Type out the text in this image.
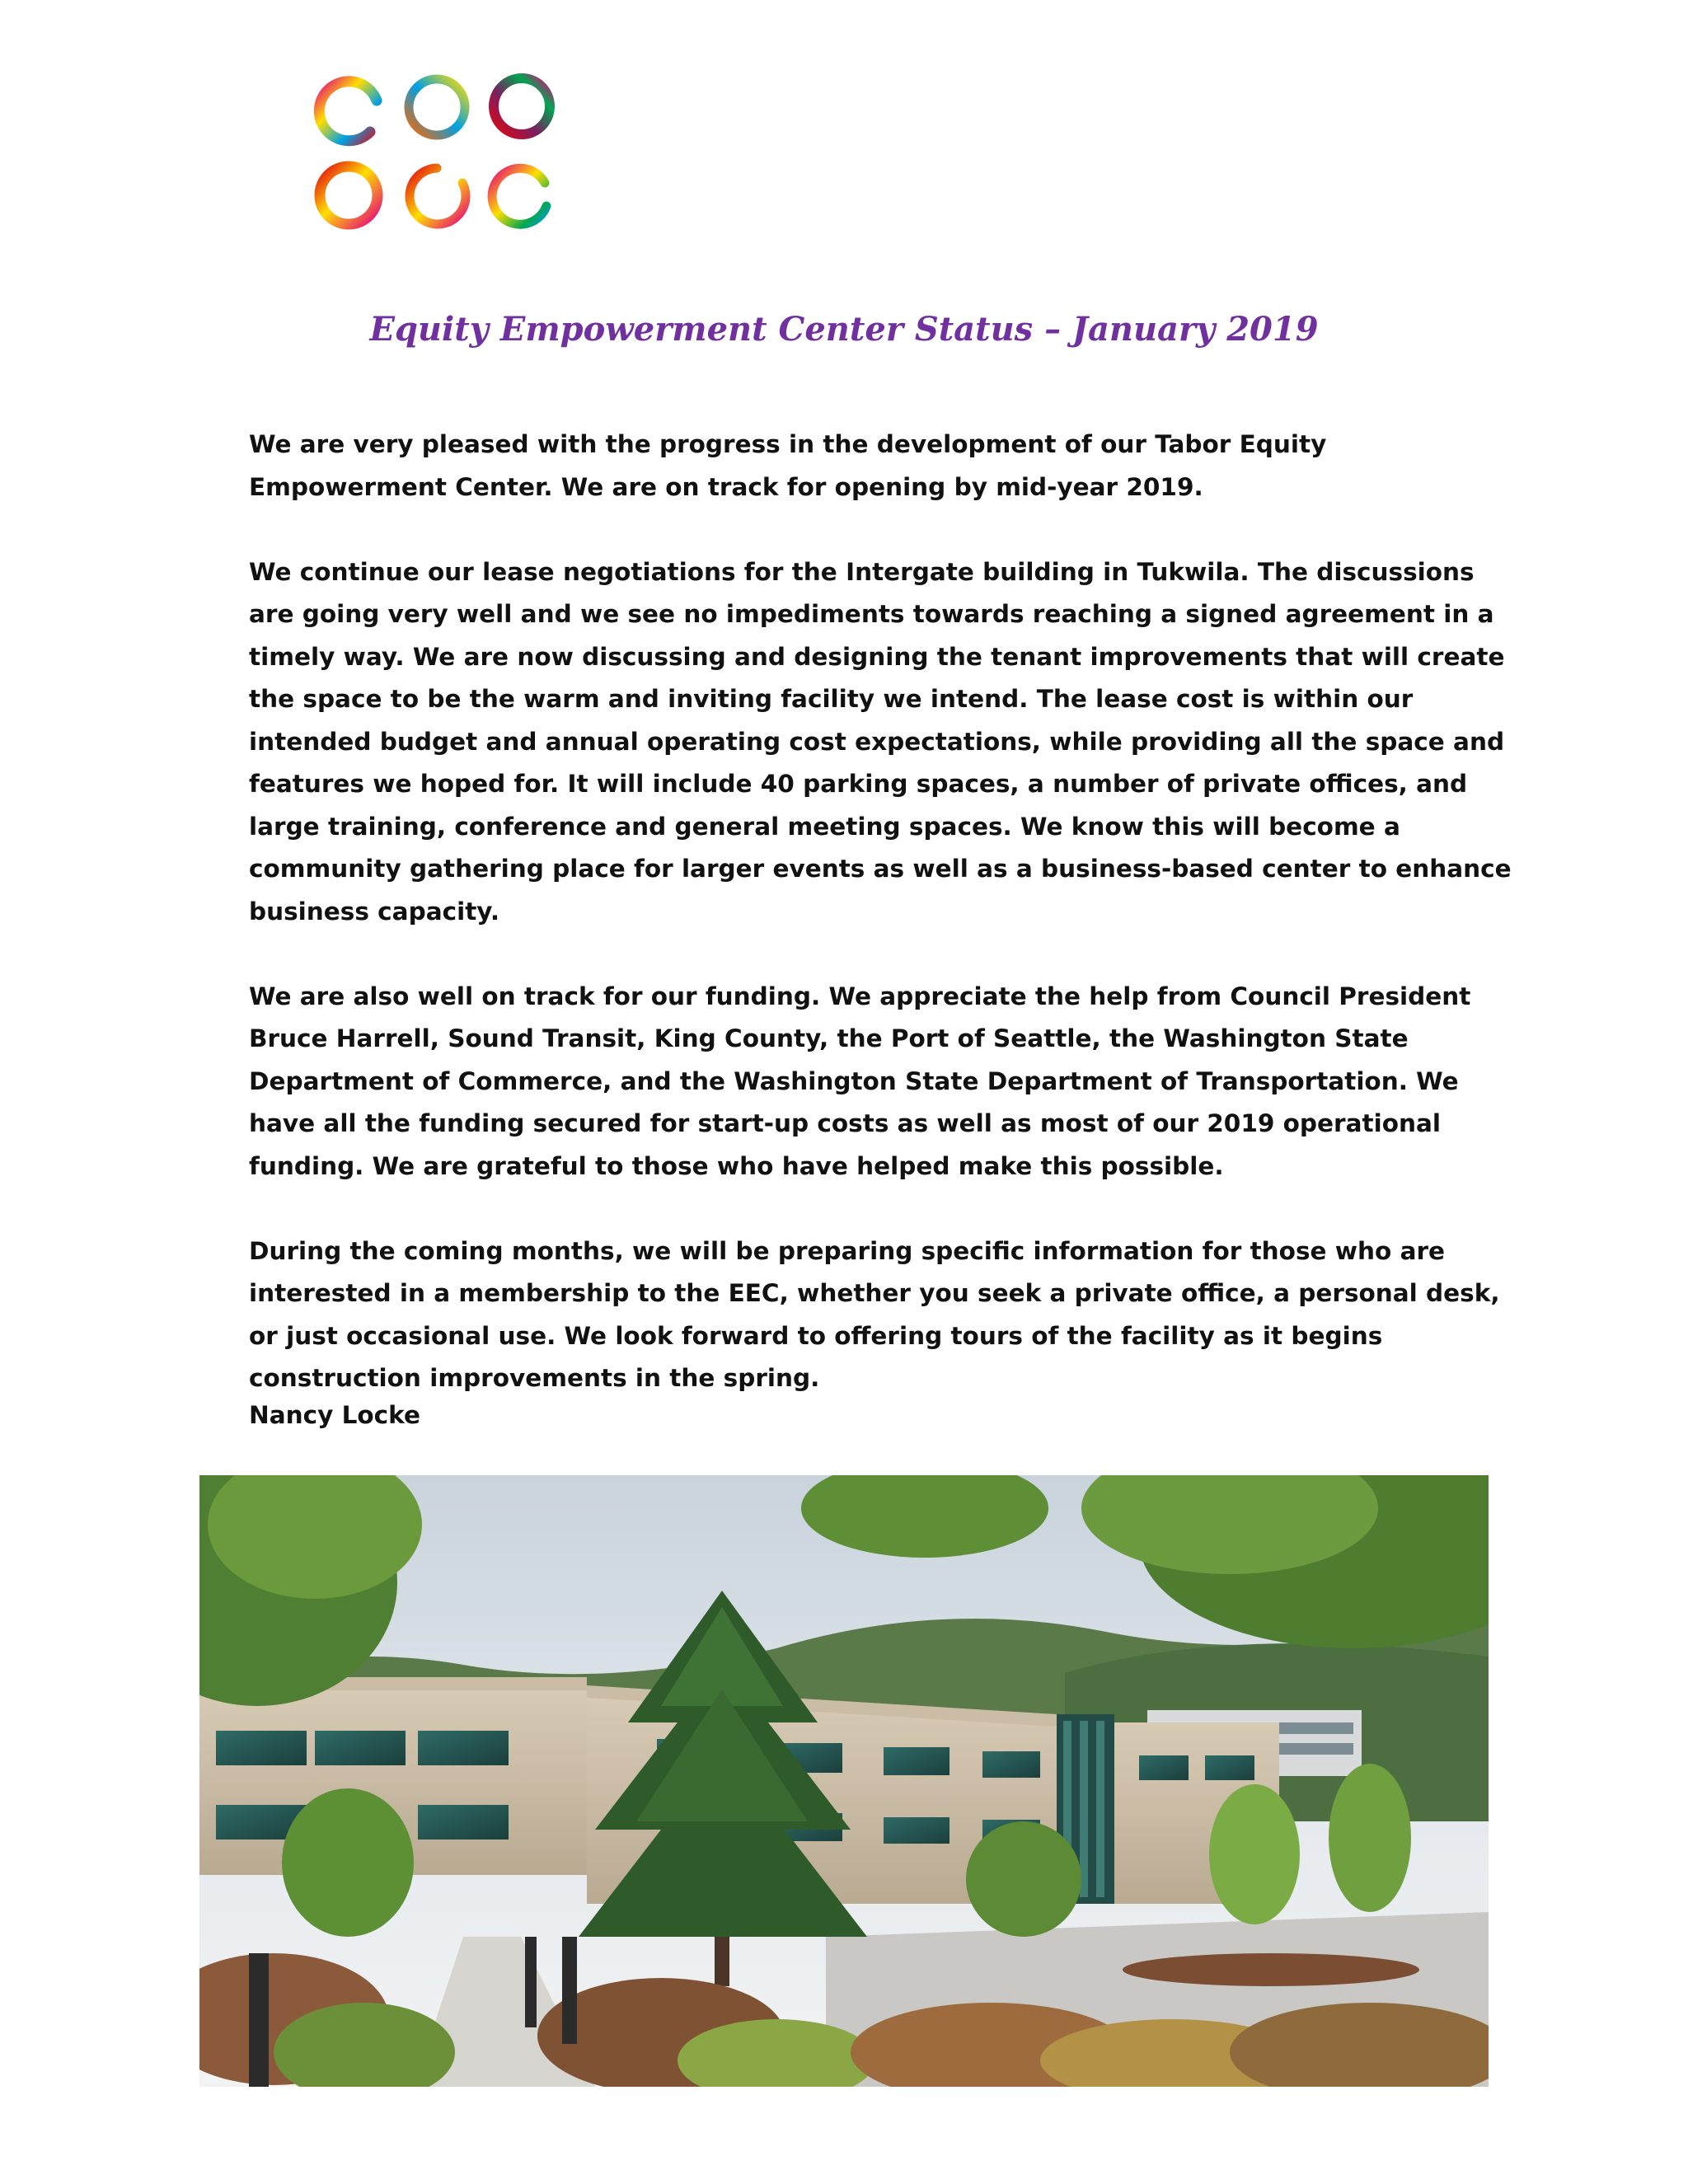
Equity Empowerment Center Status – January 2019

We are very pleased with the progress in the development of our Tabor Equity Empowerment Center. We are on track for opening by mid-year 2019.

We continue our lease negotiations for the Intergate building in Tukwila. The discussions are going very well and we see no impediments towards reaching a signed agreement in a timely way. We are now discussing and designing the tenant improvements that will create the space to be the warm and inviting facility we intend. The lease cost is within our intended budget and annual operating cost expectations, while providing all the space and features we hoped for. It will include 40 parking spaces, a number of private offices, and large training, conference and general meeting spaces. We know this will become a community gathering place for larger events as well as a business-based center to enhance business capacity.

We are also well on track for our funding. We appreciate the help from Council President Bruce Harrell, Sound Transit, King County, the Port of Seattle, the Washington State Department of Commerce, and the Washington State Department of Transportation. We have all the funding secured for start-up costs as well as most of our 2019 operational funding. We are grateful to those who have helped make this possible.

During the coming months, we will be preparing specific information for those who are interested in a membership to the EEC, whether you seek a private office, a personal desk, or just occasional use. We look forward to offering tours of the facility as it begins construction improvements in the spring.

Nancy Locke
